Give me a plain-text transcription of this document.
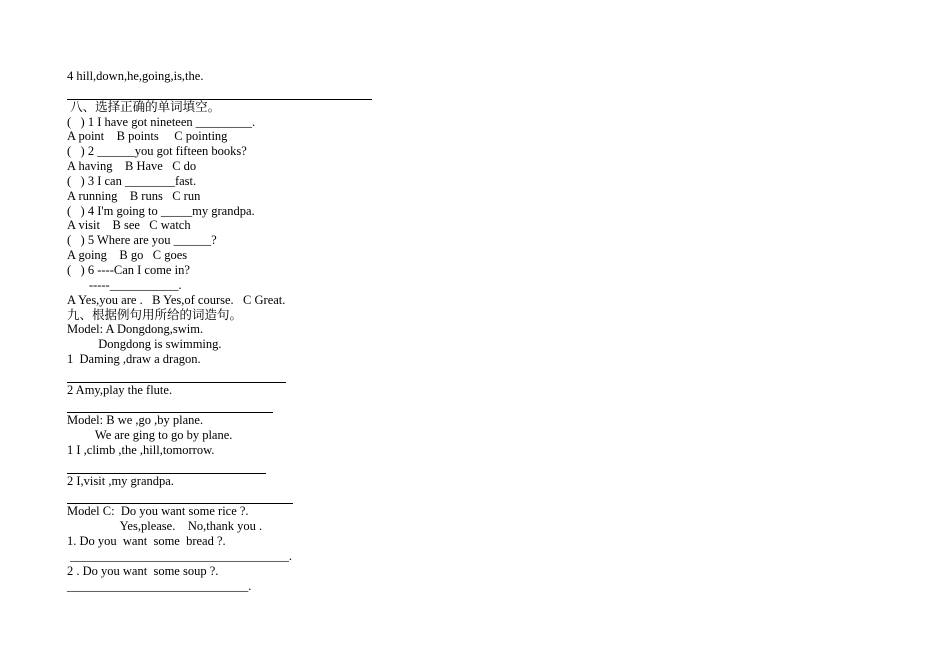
4 hill,down,he,going,is,the.
八、选择正确的单词填空。
(   ) 1 I have got nineteen _________.
A point    B points     C pointing
(   ) 2 ______you got fifteen books?
A having    B Have   C do
(   ) 3 I can ________fast.
A running    B runs   C run
(   ) 4 I'm going to _____my grandpa.
A visit    B see   C watch
(   ) 5 Where are you ______?
A going    B go   C goes
(   ) 6 ----Can I come in?
-----___________.
A Yes,you are .   B Yes,of course.   C Great.
九、根据例句用所给的词造句。
Model: A Dongdong,swim.
Dongdong is swimming.
1  Daming ,draw a dragon.
2 Amy,play the flute.
Model: B we ,go ,by plane.
We are ging to go by plane.
1 I ,climb ,the ,hill,tomorrow.
2 I,visit ,my grandpa.
Model C:  Do you want some rice ?.
Yes,please.    No,thank you .
1. Do you  want  some  bread ?.
___________________________________.
2 . Do you want  some soup ?.
_____________________________.
